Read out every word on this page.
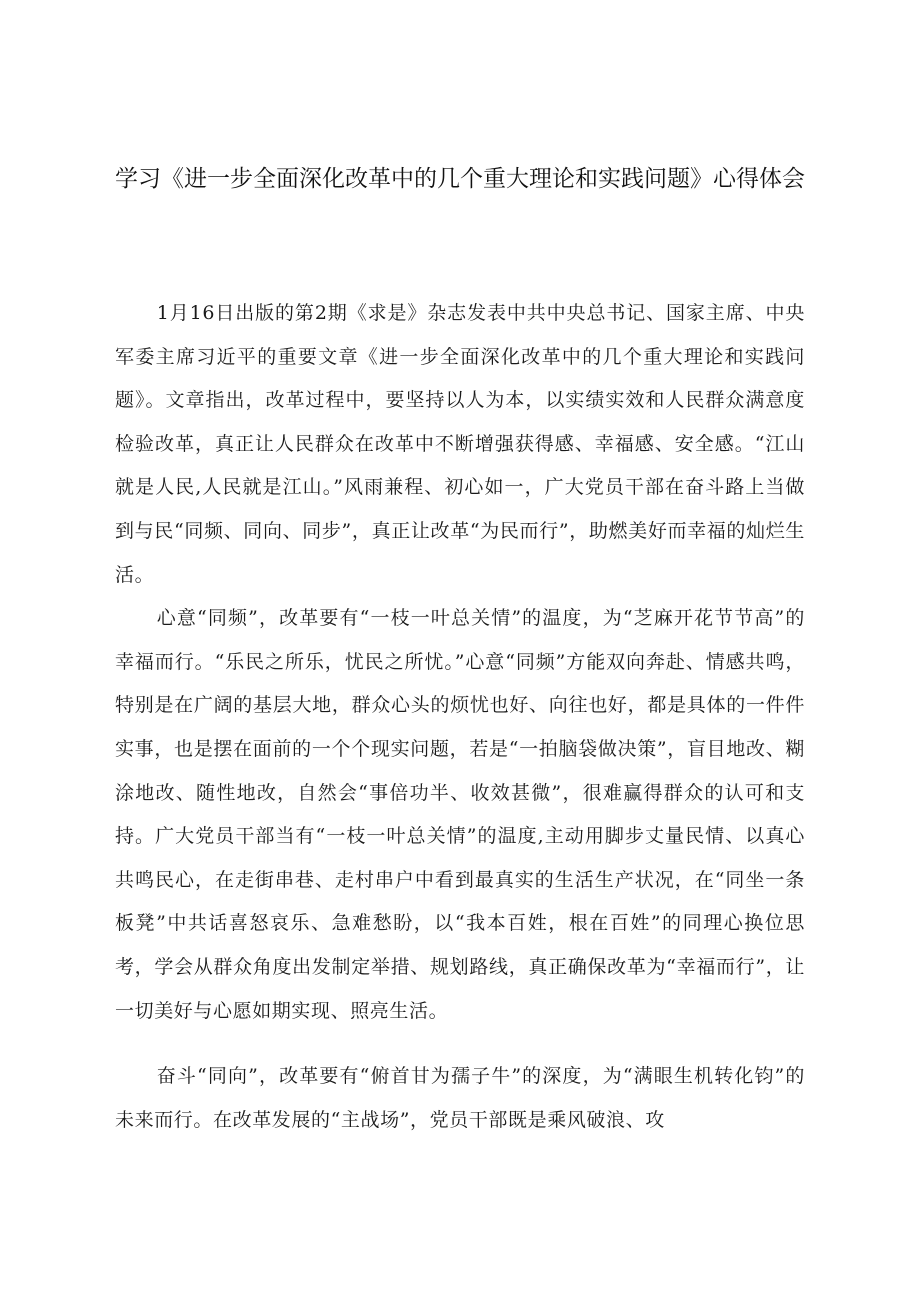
学习《进一步全面深化改革中的几个重大理论和实践问题》心得体会

1月16日出版的第2期《求是》杂志发表中共中央总书记、国家主席、中央军委主席习近平的重要文章《进一步全面深化改革中的几个重大理论和实践问题》。文章指出，改革过程中，要坚持以人为本，以实绩实效和人民群众满意度检验改革，真正让人民群众在改革中不断增强获得感、幸福感、安全感。“江山就是人民,人民就是江山。”风雨兼程、初心如一，广大党员干部在奋斗路上当做到与民“同频、同向、同步”，真正让改革“为民而行”，助燃美好而幸福的灿烂生活。

心意“同频”，改革要有“一枝一叶总关情”的温度，为“芝麻开花节节高”的幸福而行。“乐民之所乐，忧民之所忧。”心意“同频”方能双向奔赴、情感共鸣，特别是在广阔的基层大地，群众心头的烦忧也好、向往也好，都是具体的一件件实事，也是摆在面前的一个个现实问题，若是“一拍脑袋做决策”，盲目地改、糊涂地改、随性地改，自然会“事倍功半、收效甚微”，很难赢得群众的认可和支持。广大党员干部当有“一枝一叶总关情”的温度,主动用脚步丈量民情、以真心共鸣民心，在走街串巷、走村串户中看到最真实的生活生产状况，在“同坐一条板凳”中共话喜怒哀乐、急难愁盼，以“我本百姓，根在百姓”的同理心换位思考，学会从群众角度出发制定举措、规划路线，真正确保改革为“幸福而行”，让一切美好与心愿如期实现、照亮生活。

奋斗“同向”，改革要有“俯首甘为孺子牛”的深度，为“满眼生机转化钧”的未来而行。在改革发展的“主战场”，党员干部既是乘风破浪、攻
